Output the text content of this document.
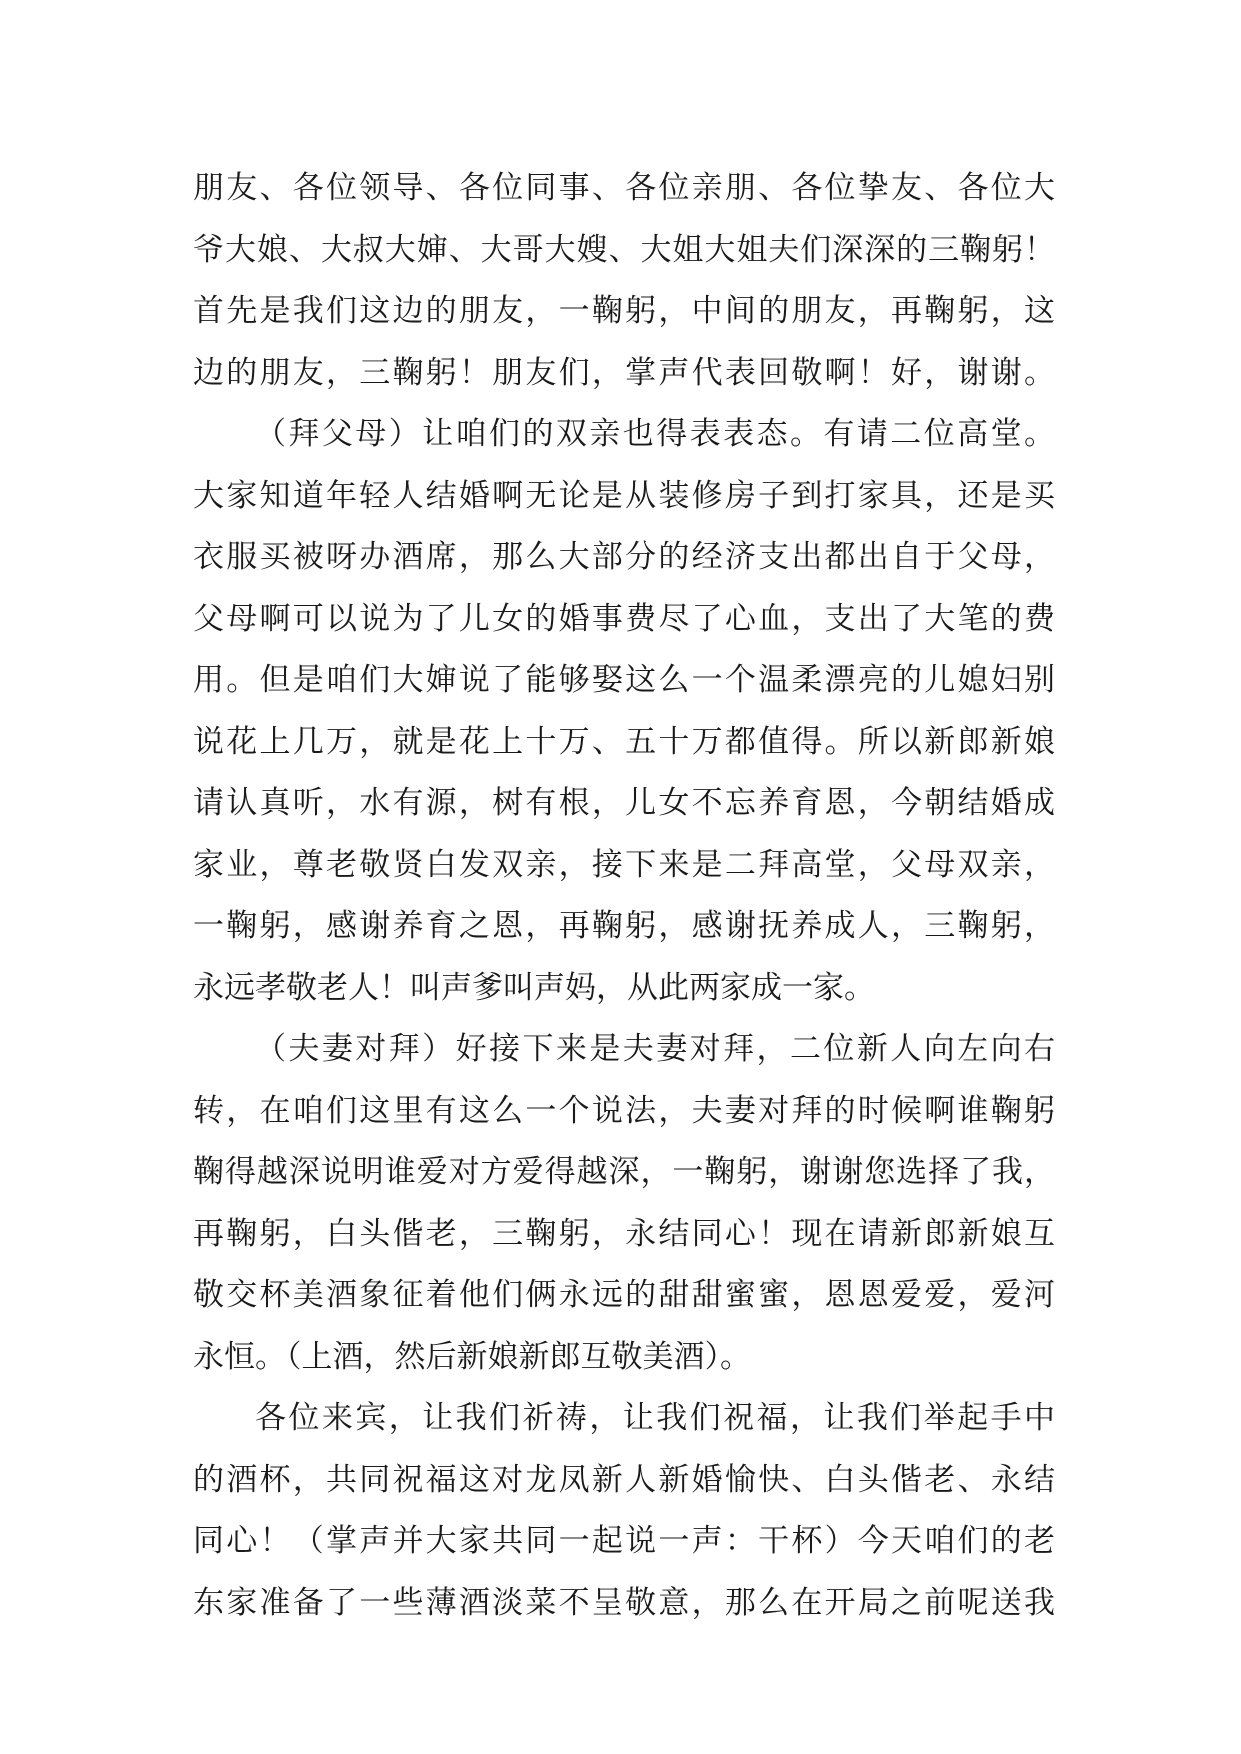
朋友、各位领导、各位同事、各位亲朋、各位挚友、各位大
爷大娘、大叔大婶、大哥大嫂、大姐大姐夫们深深的三鞠躬！
首先是我们这边的朋友，一鞠躬，中间的朋友，再鞠躬，这
边的朋友，三鞠躬！朋友们，掌声代表回敬啊！好，谢谢。
（拜父母）让咱们的双亲也得表表态。有请二位高堂。
大家知道年轻人结婚啊无论是从装修房子到打家具，还是买
衣服买被呀办酒席，那么大部分的经济支出都出自于父母，
父母啊可以说为了儿女的婚事费尽了心血，支出了大笔的费
用。但是咱们大婶说了能够娶这么一个温柔漂亮的儿媳妇别
说花上几万，就是花上十万、五十万都值得。所以新郎新娘
请认真听，水有源，树有根，儿女不忘养育恩，今朝结婚成
家业，尊老敬贤白发双亲，接下来是二拜高堂，父母双亲，
一鞠躬，感谢养育之恩，再鞠躬，感谢抚养成人，三鞠躬，
永远孝敬老人！叫声爹叫声妈，从此两家成一家。
（夫妻对拜）好接下来是夫妻对拜，二位新人向左向右
转，在咱们这里有这么一个说法，夫妻对拜的时候啊谁鞠躬
鞠得越深说明谁爱对方爱得越深，一鞠躬，谢谢您选择了我，
再鞠躬，白头偕老，三鞠躬，永结同心！现在请新郎新娘互
敬交杯美酒象征着他们俩永远的甜甜蜜蜜，恩恩爱爱，爱河
永恒。（上酒，然后新娘新郎互敬美酒）。
各位来宾，让我们祈祷，让我们祝福，让我们举起手中
的酒杯，共同祝福这对龙凤新人新婚愉快、白头偕老、永结
同心！（掌声并大家共同一起说一声：干杯）今天咱们的老
东家准备了一些薄酒淡菜不呈敬意，那么在开局之前呢送我
